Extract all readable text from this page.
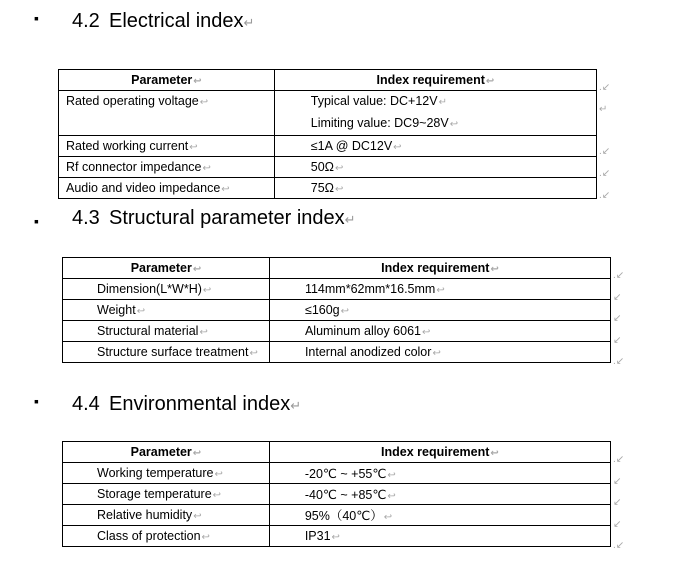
▪ 4.2 Electrical index↵
Parameter↩	Index requirement↩
Rated operating voltage↩	Typical value: DC+12V↵
Limiting value: DC9~28V↩
Rated working current↩	≤1A @ DC12V↩
Rf connector impedance↩	50Ω↩
Audio and video impedance↩	75Ω↩
▪ 4.3 Structural parameter index↵
Parameter↩	Index requirement↩
Dimension(L*W*H)↩	114mm*62mm*16.5mm↩
Weight↩	≤160g↩
Structural material↩	Aluminum alloy 6061↩
Structure surface treatment↩	Internal anodized color↩
▪ 4.4 Environmental index↵
Parameter↩	Index requirement↩
Working temperature↩	-20℃ ~ +55℃↩
Storage temperature↩	-40℃ ~ +85℃↩
Relative humidity↩	95%（40℃）↩
Class of protection↩	IP31↩
.↙
↵
.↙
.↙
.↙
.↙
↙
↙
↙
.↙
.↙
↙
↙
↙
.↙
